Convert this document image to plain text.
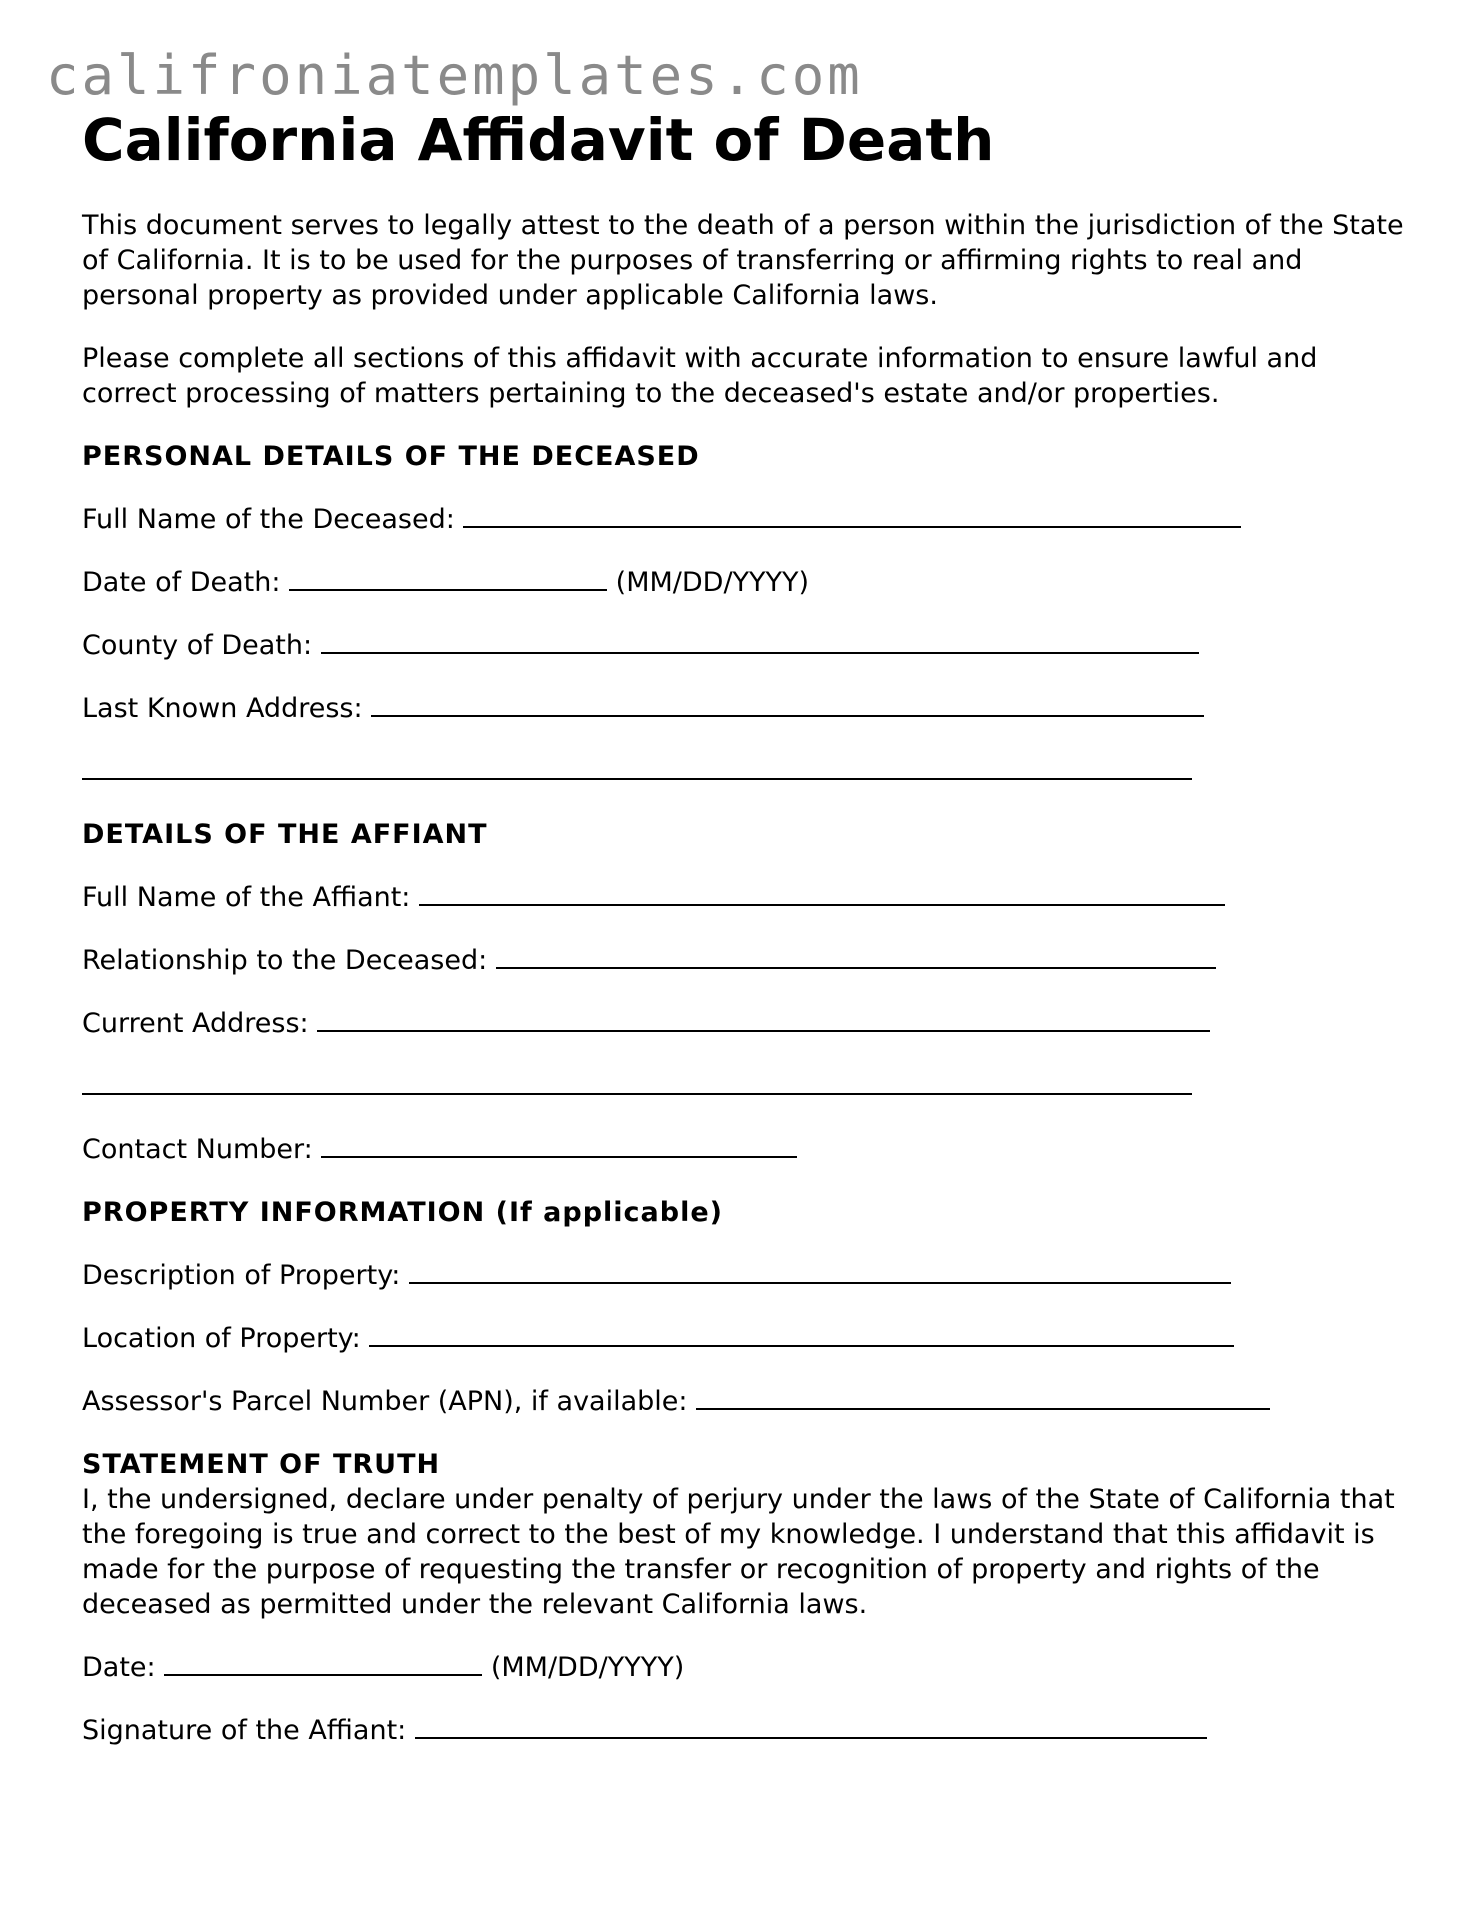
califroniatemplates.com
California Affidavit of Death

This document serves to legally attest to the death of a person within the jurisdiction of the State of California. It is to be used for the purposes of transferring or affirming rights to real and personal property as provided under applicable California laws.

Please complete all sections of this affidavit with accurate information to ensure lawful and correct processing of matters pertaining to the deceased's estate and/or properties.

PERSONAL DETAILS OF THE DECEASED
Full Name of the Deceased:
Date of Death:	(MM/DD/YYYY)
County of Death:
Last Known Address:
DETAILS OF THE AFFIANT
Full Name of the Affiant:
Relationship to the Deceased:
Current Address:
Contact Number:
PROPERTY INFORMATION (If applicable)
Description of Property:
Location of Property:
Assessor's Parcel Number (APN), if available:
STATEMENT OF TRUTH

I, the undersigned, declare under penalty of perjury under the laws of the State of California that the foregoing is true and correct to the best of my knowledge. I understand that this affidavit is made for the purpose of requesting the transfer or recognition of property and rights of the deceased as permitted under the relevant California laws.

Date:	(MM/DD/YYYY)
Signature of the Affiant:
